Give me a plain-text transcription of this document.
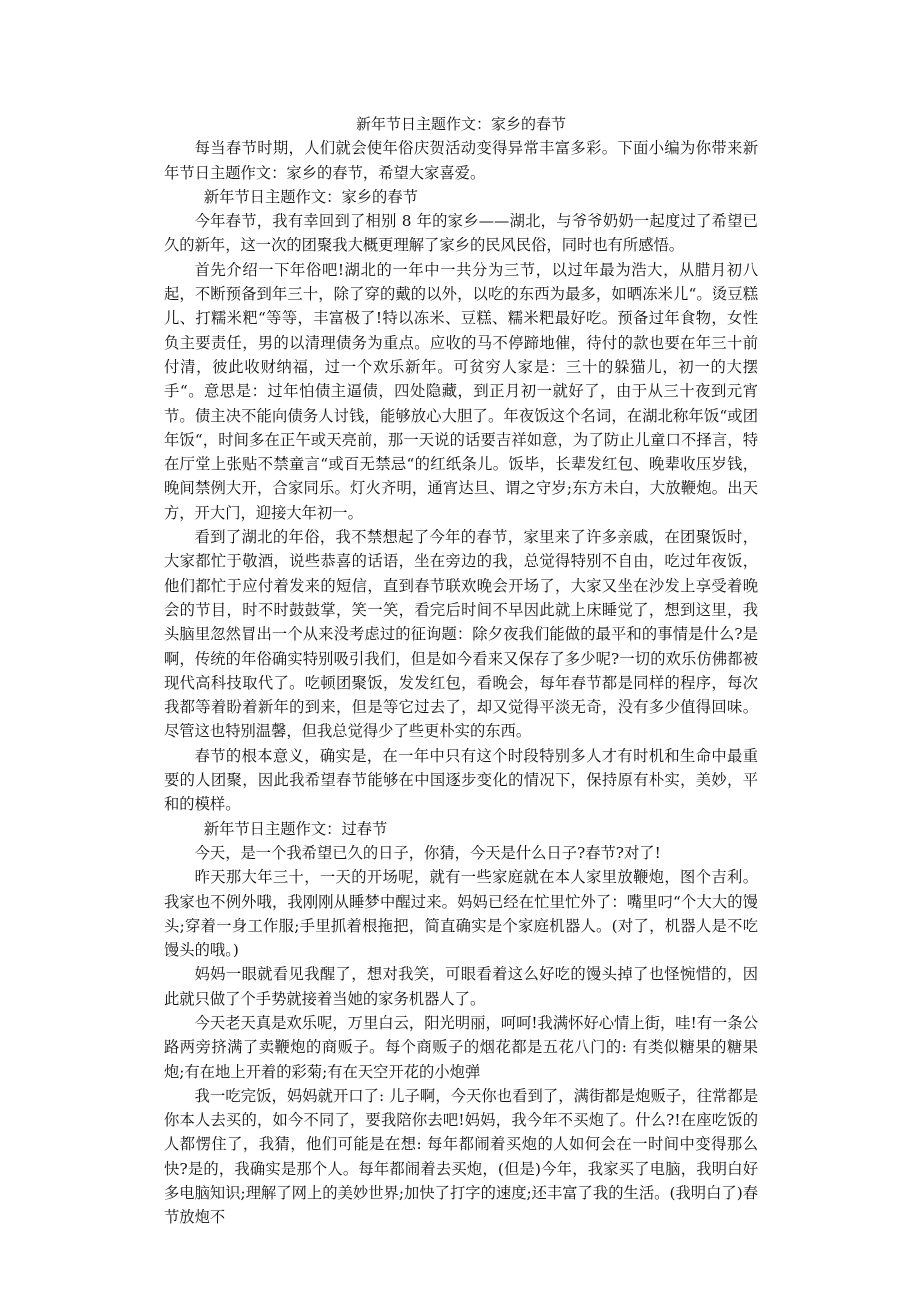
新年节日主题作文：家乡的春节

每当春节时期，人们就会使年俗庆贺活动变得异常丰富多彩。下面小编为你带来新年节日主题作文：家乡的春节，希望大家喜爱。

新年节日主题作文：家乡的春节

今年春节，我有幸回到了相别 8 年的家乡——湖北，与爷爷奶奶一起度过了希望已久的新年，这一次的团聚我大概更理解了家乡的民风民俗，同时也有所感悟。

首先介绍一下年俗吧!湖北的一年中一共分为三节，以过年最为浩大，从腊月初八起，不断预备到年三十，除了穿的戴的以外，以吃的东西为最多，如晒冻米儿“。烫豆糕儿、打糯米粑“等等，丰富极了!特以冻米、豆糕、糯米粑最好吃。预备过年食物，女性负主要责任，男的以清理债务为重点。应收的马不停蹄地催，待付的款也要在年三十前付清，彼此收财纳福，过一个欢乐新年。可贫穷人家是：三十的躲猫儿，初一的大摆手“。意思是：过年怕债主逼债，四处隐藏，到正月初一就好了，由于从三十夜到元宵节。债主决不能向债务人讨钱，能够放心大胆了。年夜饭这个名词，在湖北称年饭“或团年饭“，时间多在正午或天亮前，那一天说的话要吉祥如意，为了防止儿童口不择言，特在厅堂上张贴不禁童言“或百无禁忌“的红纸条儿。饭毕，长辈发红包、晚辈收压岁钱，晚间禁例大开，合家同乐。灯火齐明，通宵达旦、谓之守岁;东方未白，大放鞭炮。出天方，开大门，迎接大年初一。

看到了湖北的年俗，我不禁想起了今年的春节，家里来了许多亲戚，在团聚饭时，大家都忙于敬酒，说些恭喜的话语，坐在旁边的我，总觉得特别不自由，吃过年夜饭，他们都忙于应付着发来的短信，直到春节联欢晚会开场了，大家又坐在沙发上享受着晚会的节目，时不时鼓鼓掌，笑一笑，看完后时间不早因此就上床睡觉了，想到这里，我头脑里忽然冒出一个从来没考虑过的征询题：除夕夜我们能做的最平和的事情是什么?是啊，传统的年俗确实特别吸引我们，但是如今看来又保存了多少呢?一切的欢乐仿佛都被现代高科技取代了。吃顿团聚饭，发发红包，看晚会，每年春节都是同样的程序，每次我都等着盼着新年的到来，但是等它过去了，却又觉得平淡无奇，没有多少值得回味。尽管这也特别温馨，但我总觉得少了些更朴实的东西。

春节的根本意义，确实是，在一年中只有这个时段特别多人才有时机和生命中最重要的人团聚，因此我希望春节能够在中国逐步变化的情况下，保持原有朴实，美妙，平和的模样。

新年节日主题作文：过春节

今天，是一个我希望已久的日子，你猜，今天是什么日子?春节?对了!

昨天那大年三十，一天的开场呢，就有一些家庭就在本人家里放鞭炮，图个吉利。我家也不例外哦，我刚刚从睡梦中醒过来。妈妈已经在忙里忙外了：嘴里叼“个大大的馒头;穿着一身工作服;手里抓着根拖把，简直确实是个家庭机器人。(对了，机器人是不吃馒头的哦。)

妈妈一眼就看见我醒了，想对我笑，可眼看着这么好吃的馒头掉了也怪惋惜的，因此就只做了个手势就接着当她的家务机器人了。

今天老天真是欢乐呢，万里白云，阳光明丽，呵呵!我满怀好心情上街，哇!有一条公路两旁挤满了卖鞭炮的商贩子。每个商贩子的烟花都是五花八门的: 有类似糖果的糖果炮;有在地上开着的彩菊;有在天空开花的小炮弹

我一吃完饭，妈妈就开口了: 儿子啊，今天你也看到了，满街都是炮贩子，往常都是你本人去买的，如今不同了，要我陪你去吧!妈妈，我今年不买炮了。什么?!在座吃饭的人都愣住了，我猜，他们可能是在想: 每年都闹着买炮的人如何会在一时间中变得那么快?是的，我确实是那个人。每年都闹着去买炮，(但是)今年，我家买了电脑，我明白好多电脑知识;理解了网上的美妙世界;加快了打字的速度;还丰富了我的生活。(我明白了)春节放炮不
